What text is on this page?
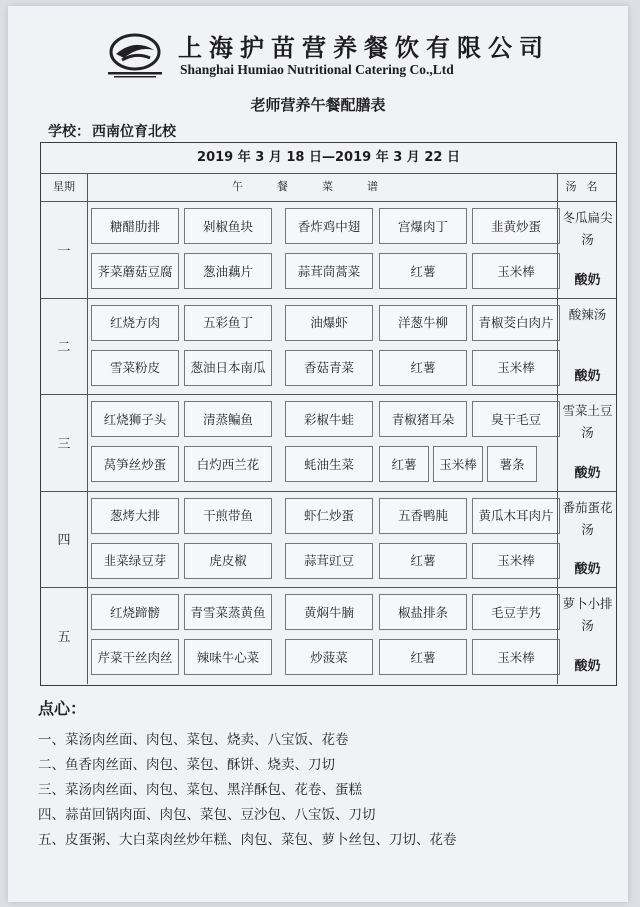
上海护苗营养餐饮有限公司
Shanghai Humiao Nutritional Catering Co.,Ltd
老师营养午餐配膳表
学校： 西南位育北校
2019 年 3 月 18 日—2019 年 3 月 22 日
星期	午餐菜谱	汤名
一
糖醋肋排	剁椒鱼块	香炸鸡中翅	宫爆肉丁	韭黄炒蛋
荠菜蘑菇豆腐	葱油藕片	蒜茸茼蒿菜	红薯	玉米棒
冬瓜扁尖汤
酸奶
二
红烧方肉	五彩鱼丁	油爆虾	洋葱牛柳	青椒茭白肉片
雪菜粉皮	葱油日本南瓜	香菇青菜	红薯	玉米棒
酸辣汤
酸奶
三
红烧狮子头	清蒸鳊鱼	彩椒牛蛙	青椒猪耳朵	臭干毛豆
莴笋丝炒蛋	白灼西兰花	蚝油生菜	红薯	玉米棒	薯条
雪菜土豆汤
酸奶
四
葱烤大排	干煎带鱼	虾仁炒蛋	五香鸭肫	黄瓜木耳肉片
韭菜绿豆芽	虎皮椒	蒜茸豇豆	红薯	玉米棒
番茄蛋花汤
酸奶
五
红烧蹄髈	青雪菜蒸黄鱼	黄焖牛腩	椒盐排条	毛豆芋艿
芹菜干丝肉丝	辣味牛心菜	炒菠菜	红薯	玉米棒
萝卜小排汤
酸奶
点心：
一、菜汤肉丝面、肉包、菜包、烧卖、八宝饭、花卷
二、鱼香肉丝面、肉包、菜包、酥饼、烧卖、刀切
三、菜汤肉丝面、肉包、菜包、黑洋酥包、花卷、蛋糕
四、蒜苗回锅肉面、肉包、菜包、豆沙包、八宝饭、刀切
五、皮蛋粥、大白菜肉丝炒年糕、肉包、菜包、萝卜丝包、刀切、花卷
